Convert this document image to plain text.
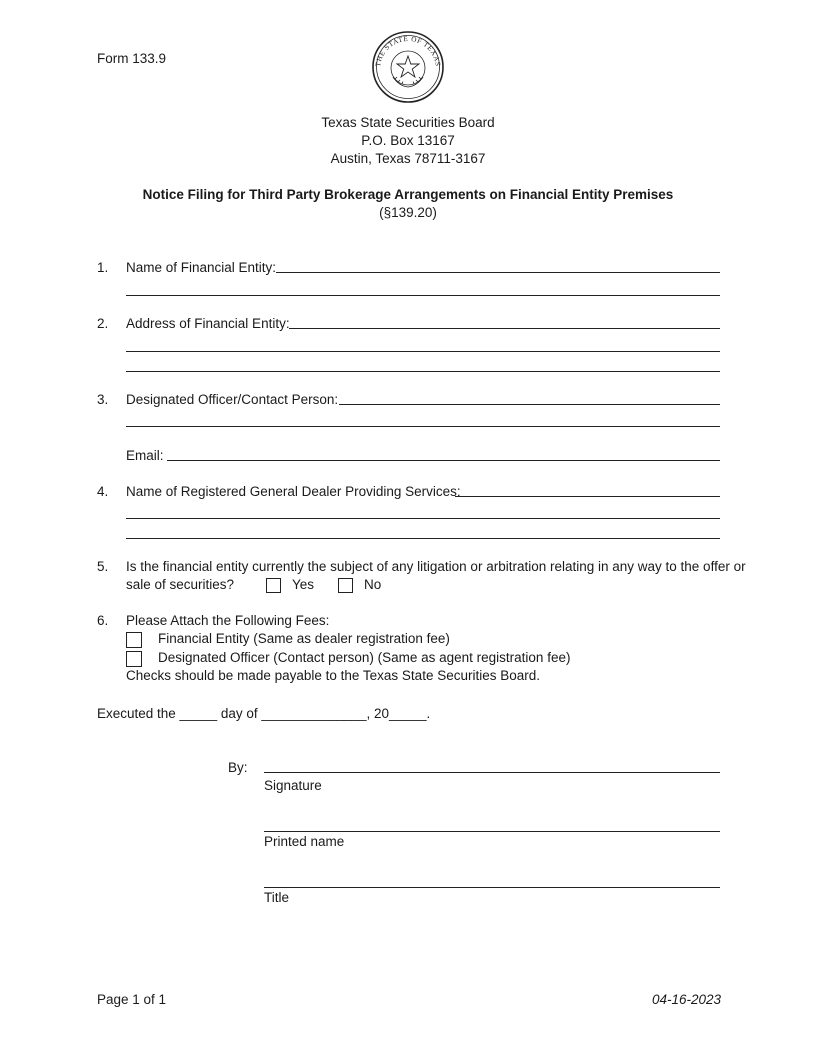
Form 133.9	THE STATE OF TEXAS
Texas State Securities Board
P.O. Box 13167
Austin, Texas 78711-3167
Notice Filing for Third Party Brokerage Arrangements on Financial Entity Premises
(§139.20)
1. Name of Financial Entity:
2. Address of Financial Entity:
3. Designated Officer/Contact Person:
Email:
4. Name of Registered General Dealer Providing Services:
5. Is the financial entity currently the subject of any litigation or arbitration relating in any way to the offer or
sale of securities?	Yes	No
6. Please Attach the Following Fees:
Financial Entity (Same as dealer registration fee)
Designated Officer (Contact person) (Same as agent registration fee)
Checks should be made payable to the Texas State Securities Board.
Executed the _____ day of ______________, 20_____.
By:
Signature
Printed name
Title
Page 1 of 1	04-16-2023
